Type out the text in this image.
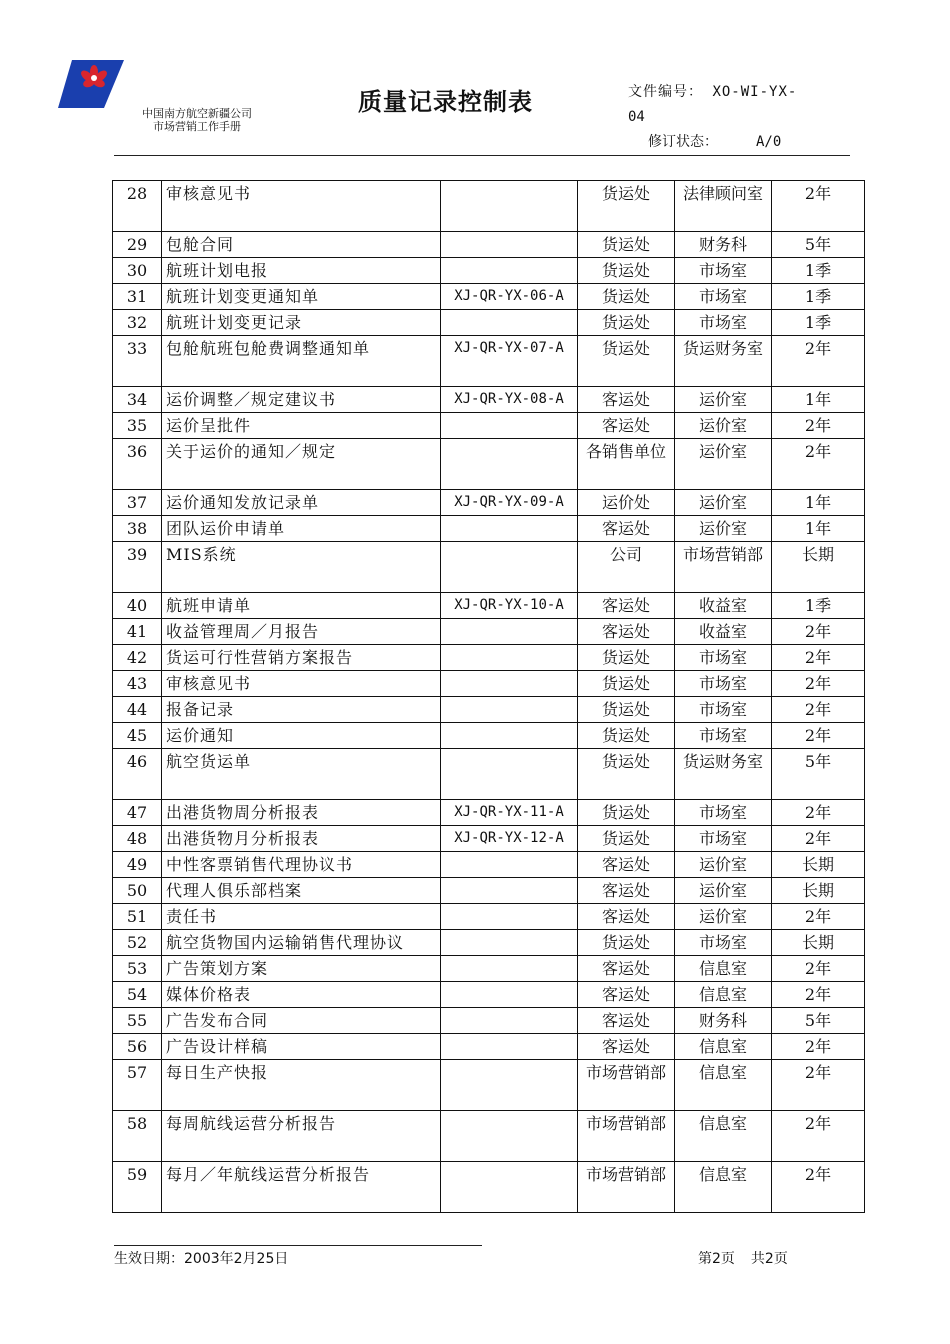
中国南方航空新疆公司
市场营销工作手册
质量记录控制表	文件编号： XO-WI-YX-
04
修订状态：	A/0
28	审核意见书		货运处	法律顾问室	2年
29	包舱合同		货运处	财务科	5年
30	航班计划电报		货运处	市场室	1季
31	航班计划变更通知单	XJ-QR-YX-06-A	货运处	市场室	1季
32	航班计划变更记录		货运处	市场室	1季
33	包舱航班包舱费调整通知单	XJ-QR-YX-07-A	货运处	货运财务室	2年
34	运价调整／规定建议书	XJ-QR-YX-08-A	客运处	运价室	1年
35	运价呈批件		客运处	运价室	2年
36	关于运价的通知／规定		各销售单位	运价室	2年
37	运价通知发放记录单	XJ-QR-YX-09-A	运价处	运价室	1年
38	团队运价申请单		客运处	运价室	1年
39	MIS系统		公司	市场营销部	长期
40	航班申请单	XJ-QR-YX-10-A	客运处	收益室	1季
41	收益管理周／月报告		客运处	收益室	2年
42	货运可行性营销方案报告		货运处	市场室	2年
43	审核意见书		货运处	市场室	2年
44	报备记录		货运处	市场室	2年
45	运价通知		货运处	市场室	2年
46	航空货运单		货运处	货运财务室	5年
47	出港货物周分析报表	XJ-QR-YX-11-A	货运处	市场室	2年
48	出港货物月分析报表	XJ-QR-YX-12-A	货运处	市场室	2年
49	中性客票销售代理协议书		客运处	运价室	长期
50	代理人俱乐部档案		客运处	运价室	长期
51	责任书		客运处	运价室	2年
52	航空货物国内运输销售代理协议		货运处	市场室	长期
53	广告策划方案		客运处	信息室	2年
54	媒体价格表		客运处	信息室	2年
55	广告发布合同		客运处	财务科	5年
56	广告设计样稿		客运处	信息室	2年
57	每日生产快报		市场营销部	信息室	2年
58	每周航线运营分析报告		市场营销部	信息室	2年
59	每月／年航线运营分析报告		市场营销部	信息室	2年
生效日期：2003年2月25日	第2页 共2页
